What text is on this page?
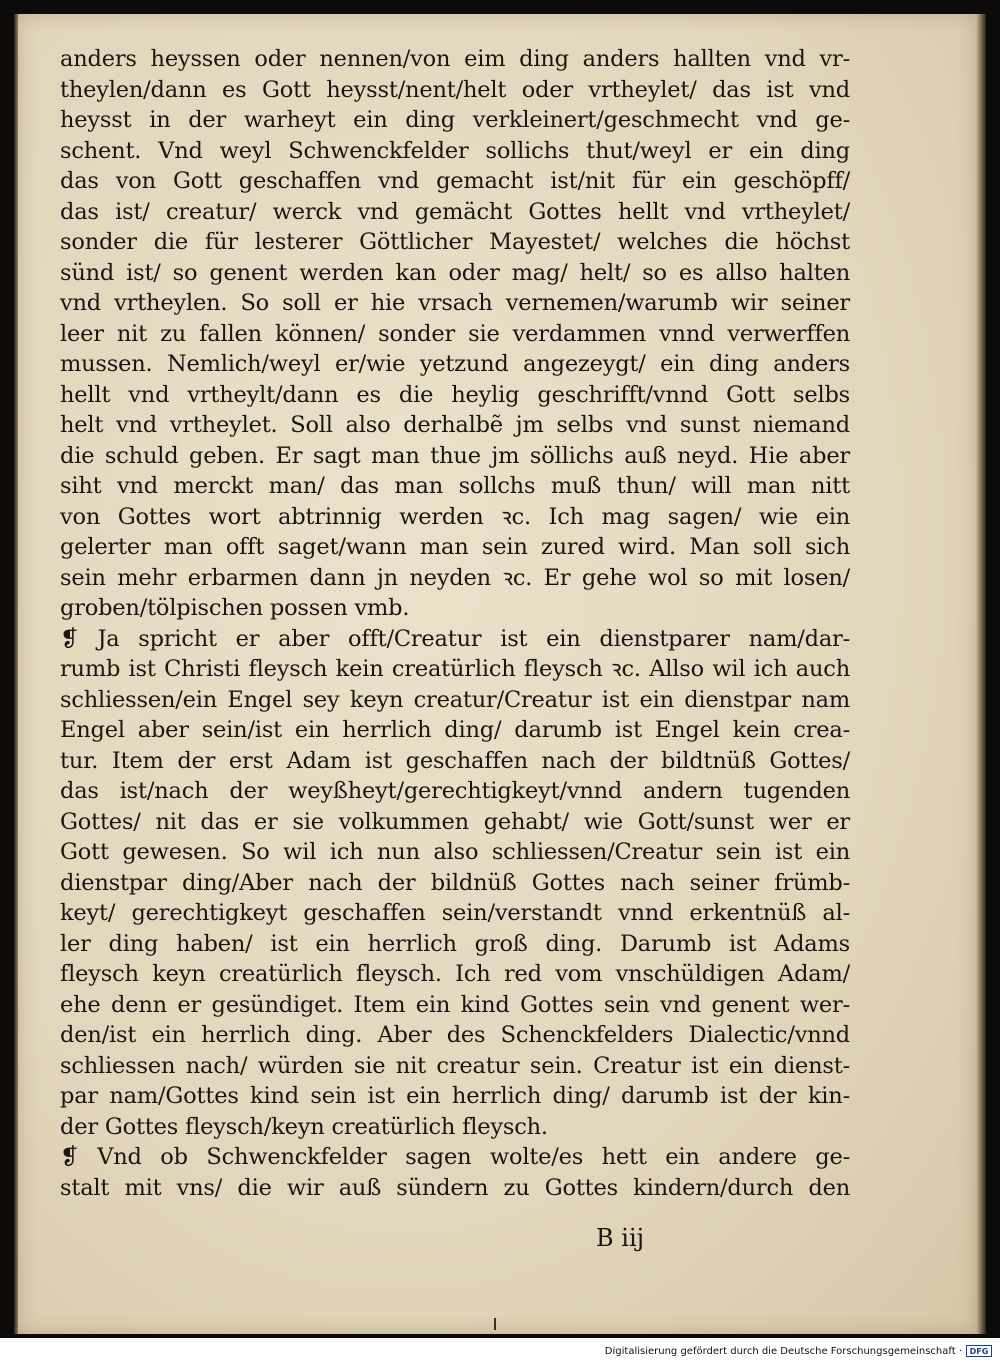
anders heyssen oder nennen/von eim ding anders hallten vnd vr-
theylen/dann es Gott heysst/nent/helt oder vrtheylet/ das ist vnd
heysst in der warheyt ein ding verkleinert/geschmecht vnd ge-
schent. Vnd weyl Schwenckfelder sollichs thut/weyl er ein ding
das von Gott geschaffen vnd gemacht ist/nit für ein geschöpff/
das ist/ creatur/ werck vnd gemächt Gottes hellt vnd vrtheylet/
sonder die für lesterer Göttlicher Mayestet/ welches die höchst
sünd ist/ so genent werden kan oder mag/ helt/ so es allso halten
vnd vrtheylen. So soll er hie vrsach vernemen/warumb wir seiner
leer nit zu fallen können/ sonder sie verdammen vnnd verwerffen
mussen. Nemlich/weyl er/wie yetzund angezeygt/ ein ding anders
hellt vnd vrtheylt/dann es die heylig geschrifft/vnnd Gott selbs
helt vnd vrtheylet. Soll also derhalbẽ jm selbs vnd sunst niemand
die schuld geben. Er sagt man thue jm söllichs auß neyd. Hie aber
siht vnd merckt man/ das man sollchs muß thun/ will man nitt
von Gottes wort abtrinnig werden ꝛc. Ich mag sagen/ wie ein
gelerter man offt saget/wann man sein zured wird. Man soll sich
sein mehr erbarmen dann jn neyden ꝛc. Er gehe wol so mit losen/
groben/tölpischen possen vmb.
❡ Ja spricht er aber offt/Creatur ist ein dienstparer nam/dar-
rumb ist Christi fleysch kein creatürlich fleysch ꝛc. Allso wil ich auch
schliessen/ein Engel sey keyn creatur/Creatur ist ein dienstpar nam
Engel aber sein/ist ein herrlich ding/ darumb ist Engel kein crea-
tur. Item der erst Adam ist geschaffen nach der bildtnüß Gottes/
das ist/nach der weyßheyt/gerechtigkeyt/vnnd andern tugenden
Gottes/ nit das er sie volkummen gehabt/ wie Gott/sunst wer er
Gott gewesen. So wil ich nun also schliessen/Creatur sein ist ein
dienstpar ding/Aber nach der bildnüß Gottes nach seiner frümb-
keyt/ gerechtigkeyt geschaffen sein/verstandt vnnd erkentnüß al-
ler ding haben/ ist ein herrlich groß ding. Darumb ist Adams
fleysch keyn creatürlich fleysch. Ich red vom vnschüldigen Adam/
ehe denn er gesündiget. Item ein kind Gottes sein vnd genent wer-
den/ist ein herrlich ding. Aber des Schenckfelders Dialectic/vnnd
schliessen nach/ würden sie nit creatur sein. Creatur ist ein dienst-
par nam/Gottes kind sein ist ein herrlich ding/ darumb ist der kin-
der Gottes fleysch/keyn creatürlich fleysch.
❡ Vnd ob Schwenckfelder sagen wolte/es hett ein andere ge-
stalt mit vns/ die wir auß sündern zu Gottes kindern/durch den
B iij
Digitalisierung gefördert durch die Deutsche Forschungsgemeinschaft · DFG
